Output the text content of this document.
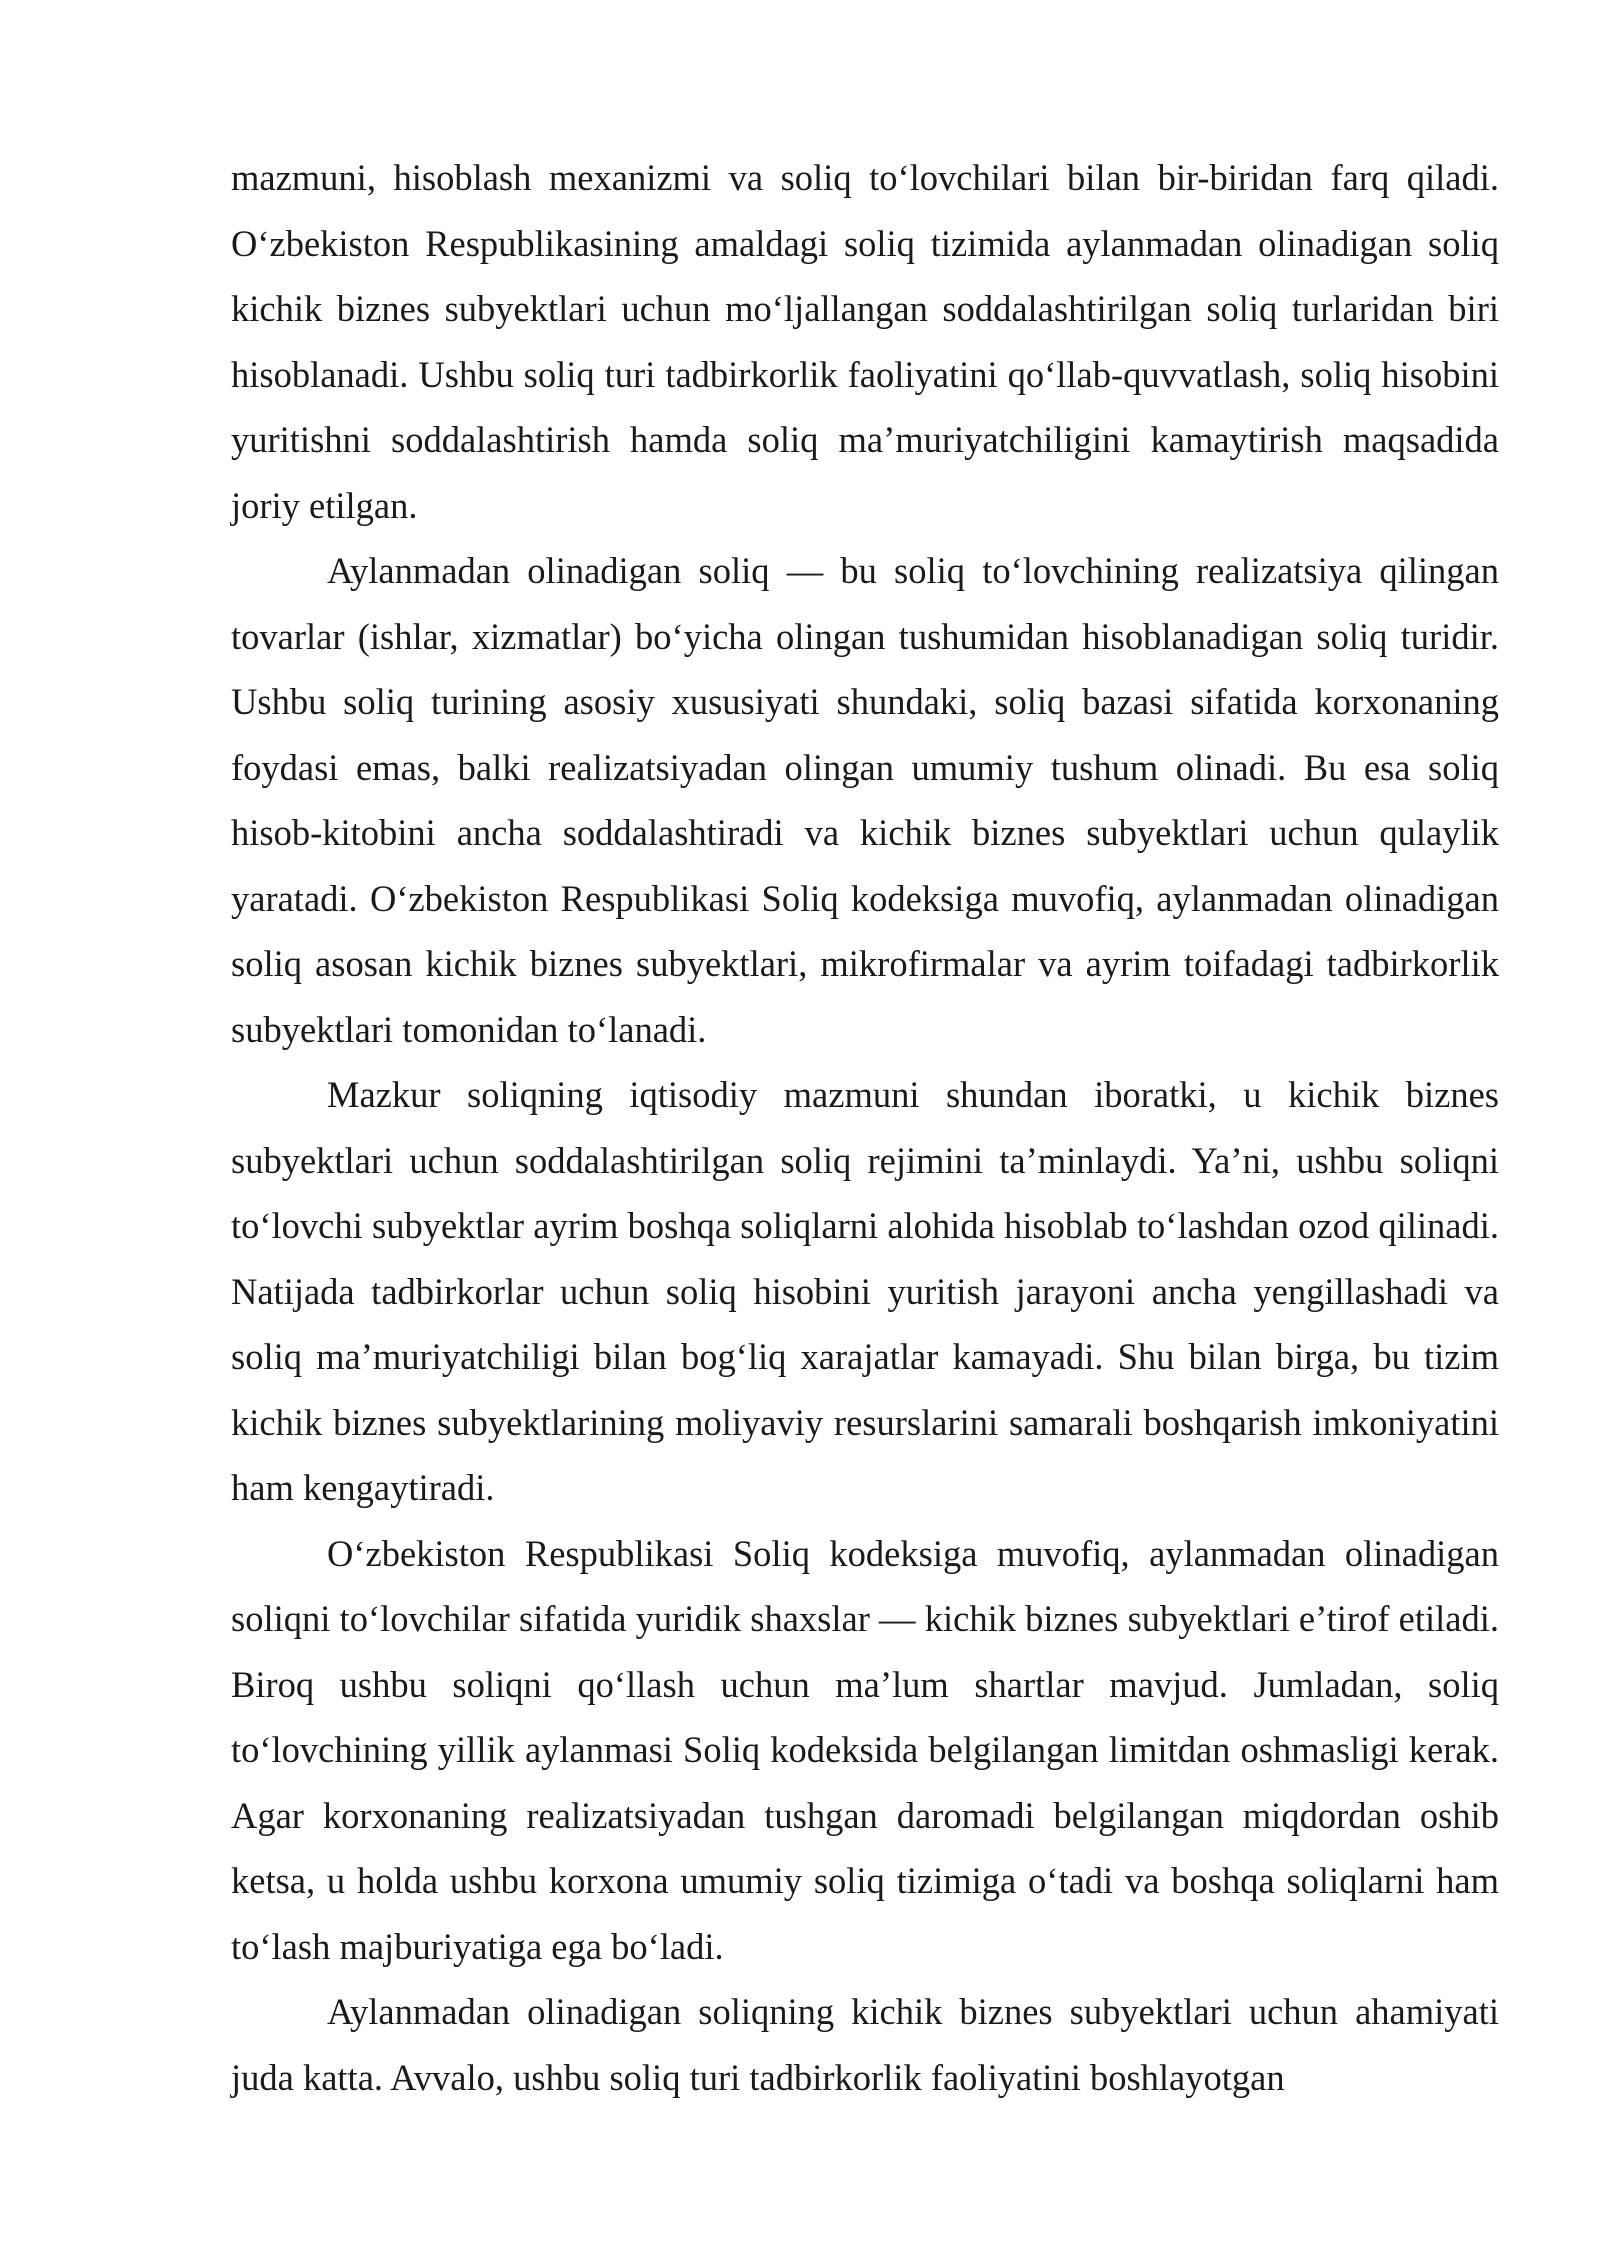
mazmuni, hisoblash mexanizmi va soliq to‘lovchilari bilan bir-biridan farq qiladi. O‘zbekiston Respublikasining amaldagi soliq tizimida aylanmadan olinadigan soliq kichik biznes subyektlari uchun mo‘ljallangan soddalashtirilgan soliq turlaridan biri hisoblanadi. Ushbu soliq turi tadbirkorlik faoliyatini qo‘llab-quvvatlash, soliq hisobini yuritishni soddalashtirish hamda soliq ma’muriyatchiligini kamaytirish maqsadida joriy etilgan.

Aylanmadan olinadigan soliq — bu soliq to‘lovchining realizatsiya qilingan tovarlar (ishlar, xizmatlar) bo‘yicha olingan tushumidan hisoblanadigan soliq turidir. Ushbu soliq turining asosiy xususiyati shundaki, soliq bazasi sifatida korxonaning foydasi emas, balki realizatsiyadan olingan umumiy tushum olinadi. Bu esa soliq hisob-kitobini ancha soddalashtiradi va kichik biznes subyektlari uchun qulaylik yaratadi. O‘zbekiston Respublikasi Soliq kodeksiga muvofiq, aylanmadan olinadigan soliq asosan kichik biznes subyektlari, mikrofirmalar va ayrim toifadagi tadbirkorlik subyektlari tomonidan to‘lanadi.

Mazkur soliqning iqtisodiy mazmuni shundan iboratki, u kichik biznes subyektlari uchun soddalashtirilgan soliq rejimini ta’minlaydi. Ya’ni, ushbu soliqni to‘lovchi subyektlar ayrim boshqa soliqlarni alohida hisoblab to‘lashdan ozod qilinadi. Natijada tadbirkorlar uchun soliq hisobini yuritish jarayoni ancha yengillashadi va soliq ma’muriyatchiligi bilan bog‘liq xarajatlar kamayadi. Shu bilan birga, bu tizim kichik biznes subyektlarining moliyaviy resurslarini samarali boshqarish imkoniyatini ham kengaytiradi.

O‘zbekiston Respublikasi Soliq kodeksiga muvofiq, aylanmadan olinadigan soliqni to‘lovchilar sifatida yuridik shaxslar — kichik biznes subyektlari e’tirof etiladi. Biroq ushbu soliqni qo‘llash uchun ma’lum shartlar mavjud. Jumladan, soliq to‘lovchining yillik aylanmasi Soliq kodeksida belgilangan limitdan oshmasligi kerak. Agar korxonaning realizatsiyadan tushgan daromadi belgilangan miqdordan oshib ketsa, u holda ushbu korxona umumiy soliq tizimiga o‘tadi va boshqa soliqlarni ham to‘lash majburiyatiga ega bo‘ladi.

Aylanmadan olinadigan soliqning kichik biznes subyektlari uchun ahamiyati juda katta. Avvalo, ushbu soliq turi tadbirkorlik faoliyatini boshlayotgan
